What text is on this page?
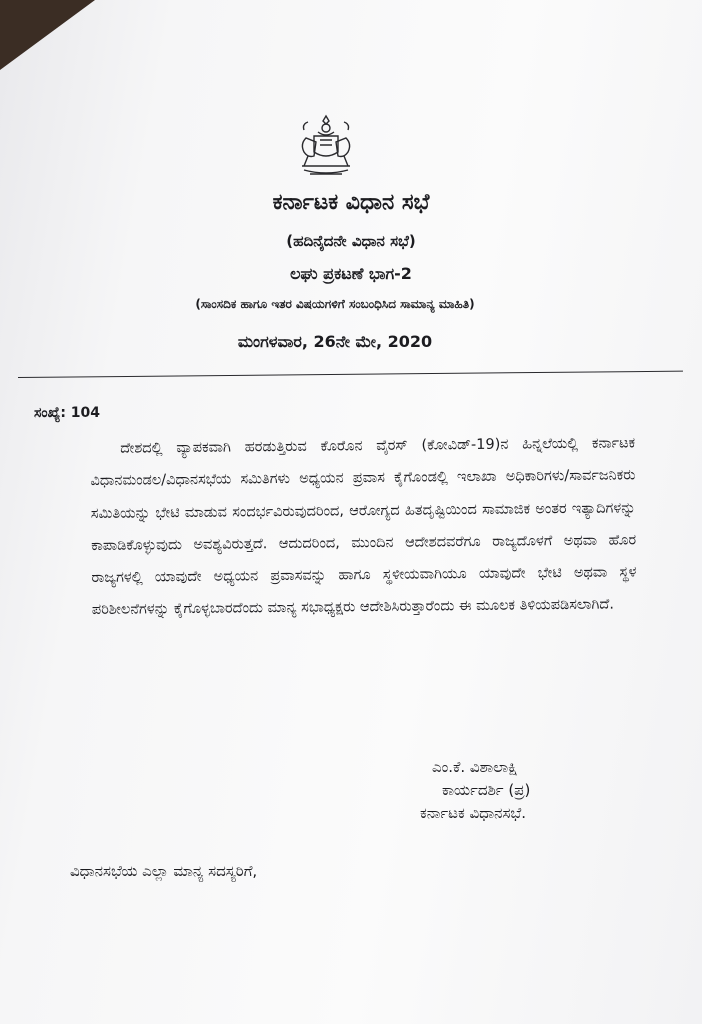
ಕರ್ನಾಟಕ ವಿಧಾನ ಸಭೆ
(ಹದಿನೈದನೇ ವಿಧಾನ ಸಭೆ)
ಲಘು ಪ್ರಕಟಣೆ ಭಾಗ-2
(ಸಾಂಸದಿಕ ಹಾಗೂ ಇತರ ವಿಷಯಗಳಿಗೆ ಸಂಬಂಧಿಸಿದ ಸಾಮಾನ್ಯ ಮಾಹಿತಿ)
ಮಂಗಳವಾರ, 26ನೇ ಮೇ, 2020
ಸಂಖ್ಯೆ: 104
ದೇಶದಲ್ಲಿ ವ್ಯಾಪಕವಾಗಿ ಹರಡುತ್ತಿರುವ ಕೊರೊನ ವೈರಸ್ (ಕೋವಿಡ್-19)ನ ಹಿನ್ನಲೆಯಲ್ಲಿ ಕರ್ನಾಟಕ ವಿಧಾನಮಂಡಲ/ವಿಧಾನಸಭೆಯ ಸಮಿತಿಗಳು ಅಧ್ಯಯನ ಪ್ರವಾಸ ಕೈಗೊಂಡಲ್ಲಿ ಇಲಾಖಾ ಅಧಿಕಾರಿಗಳು/ಸಾರ್ವಜನಿಕರು ಸಮಿತಿಯನ್ನು ಭೇಟಿ ಮಾಡುವ ಸಂದರ್ಭವಿರುವುದರಿಂದ, ಆರೋಗ್ಯದ ಹಿತದೃಷ್ಟಿಯಿಂದ ಸಾಮಾಜಿಕ ಅಂತರ ಇತ್ಯಾದಿಗಳನ್ನು ಕಾಪಾಡಿಕೊಳ್ಳುವುದು ಅವಶ್ಯವಿರುತ್ತದೆ. ಆದುದರಿಂದ, ಮುಂದಿನ ಆದೇಶದವರೆಗೂ ರಾಜ್ಯದೊಳಗೆ ಅಥವಾ ಹೊರ ರಾಜ್ಯಗಳಲ್ಲಿ ಯಾವುದೇ ಅಧ್ಯಯನ ಪ್ರವಾಸವನ್ನು ಹಾಗೂ ಸ್ಥಳೀಯವಾಗಿಯೂ ಯಾವುದೇ ಭೇಟಿ ಅಥವಾ ಸ್ಥಳ ಪರಿಶೀಲನೆಗಳನ್ನು ಕೈಗೊಳ್ಳಬಾರದೆಂದು ಮಾನ್ಯ ಸಭಾಧ್ಯಕ್ಷರು ಆದೇಶಿಸಿರುತ್ತಾರೆಂದು ಈ ಮೂಲಕ ತಿಳಿಯಪಡಿಸಲಾಗಿದೆ.
ಎಂ.ಕೆ. ವಿಶಾಲಾಕ್ಷಿ
ಕಾರ್ಯದರ್ಶಿ (ಪ್ರ)
ಕರ್ನಾಟಕ ವಿಧಾನಸಭೆ.
ವಿಧಾನಸಭೆಯ ಎಲ್ಲಾ ಮಾನ್ಯ ಸದಸ್ಯರಿಗೆ,
